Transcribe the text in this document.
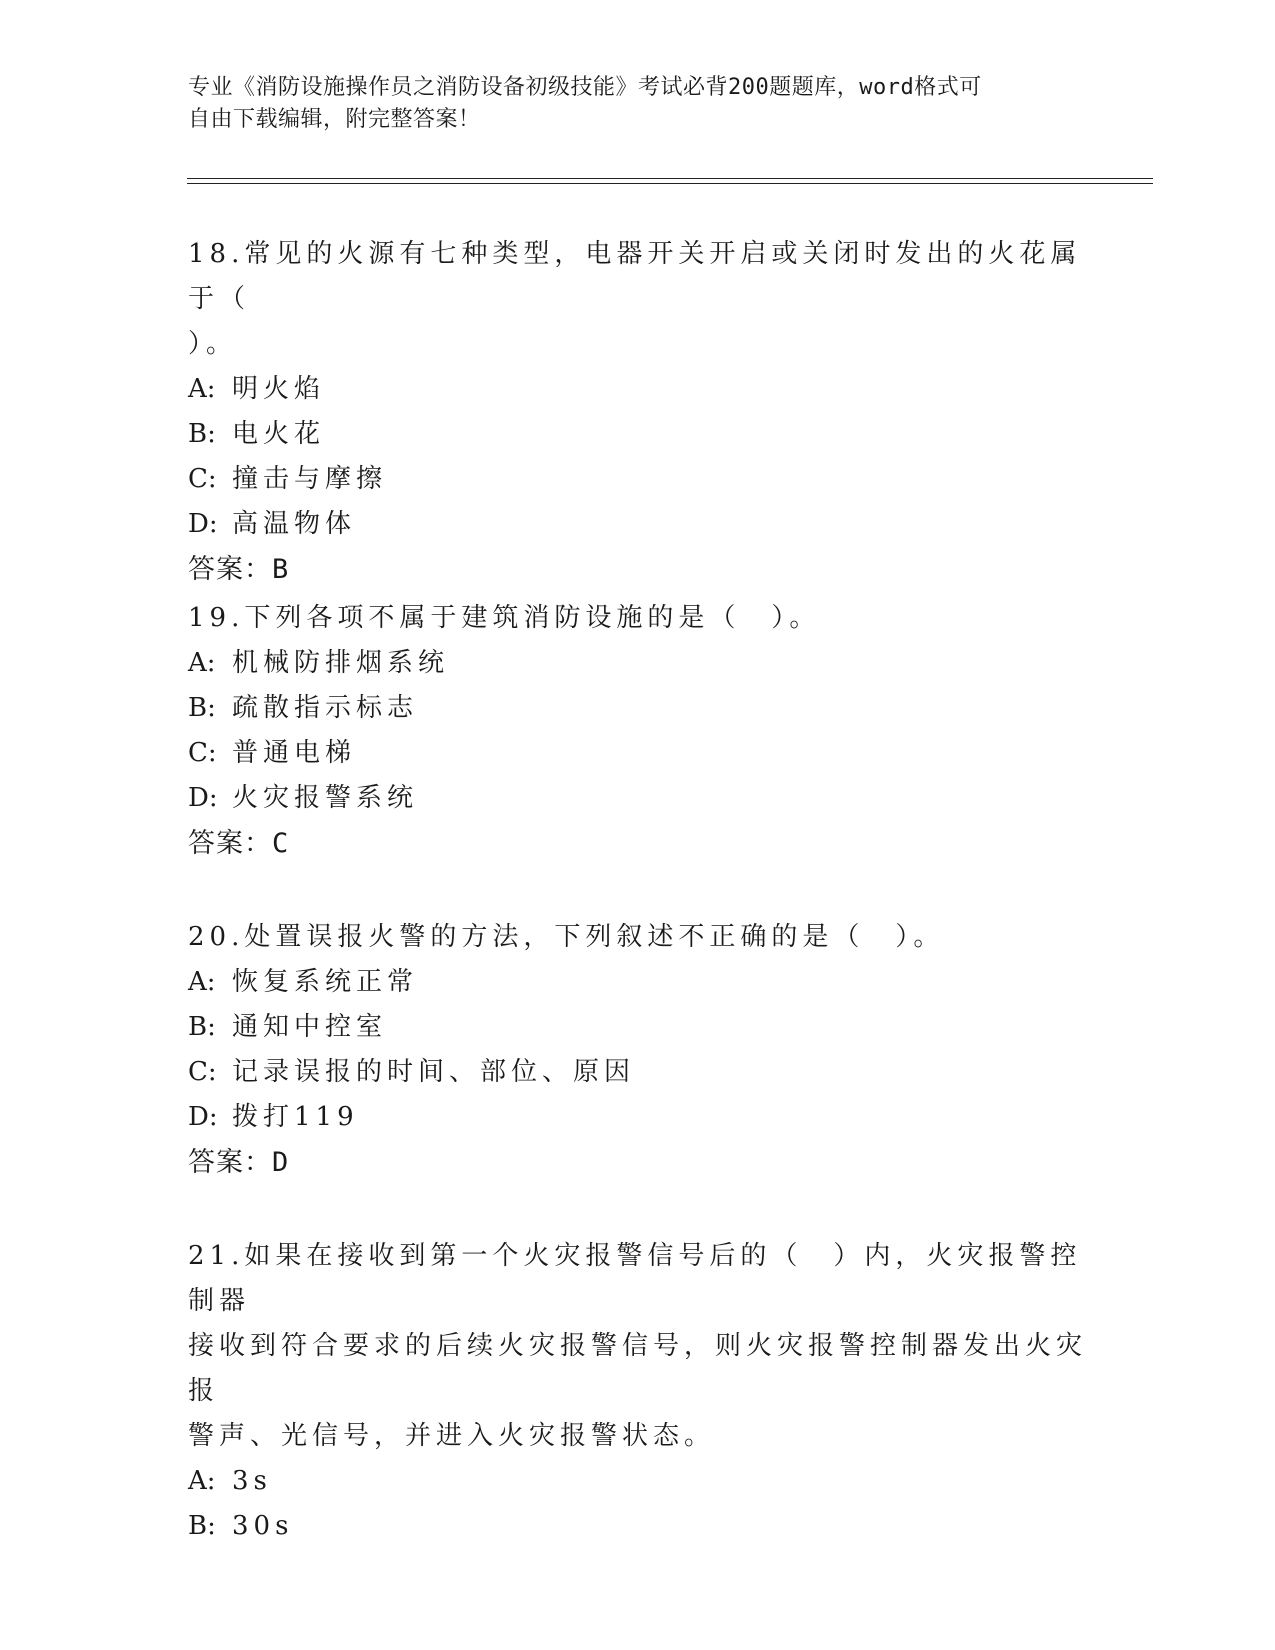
专业《消防设施操作员之消防设备初级技能》考试必背200题题库，word格式可
自由下载编辑，附完整答案！

18.常见的火源有七种类型，电器开关开启或关闭时发出的火花属于（

）。

A: 明火焰

B: 电火花

C: 撞击与摩擦

D: 高温物体

答案：B

19.下列各项不属于建筑消防设施的是（　）。

A: 机械防排烟系统

B: 疏散指示标志

C: 普通电梯

D: 火灾报警系统

答案：C

20.处置误报火警的方法，下列叙述不正确的是（　）。

A: 恢复系统正常

B: 通知中控室

C: 记录误报的时间、部位、原因

D: 拨打119

答案：D

21.如果在接收到第一个火灾报警信号后的（　）内，火灾报警控制器

接收到符合要求的后续火灾报警信号，则火灾报警控制器发出火灾报

警声、光信号，并进入火灾报警状态。

A: 3s

B: 30s
